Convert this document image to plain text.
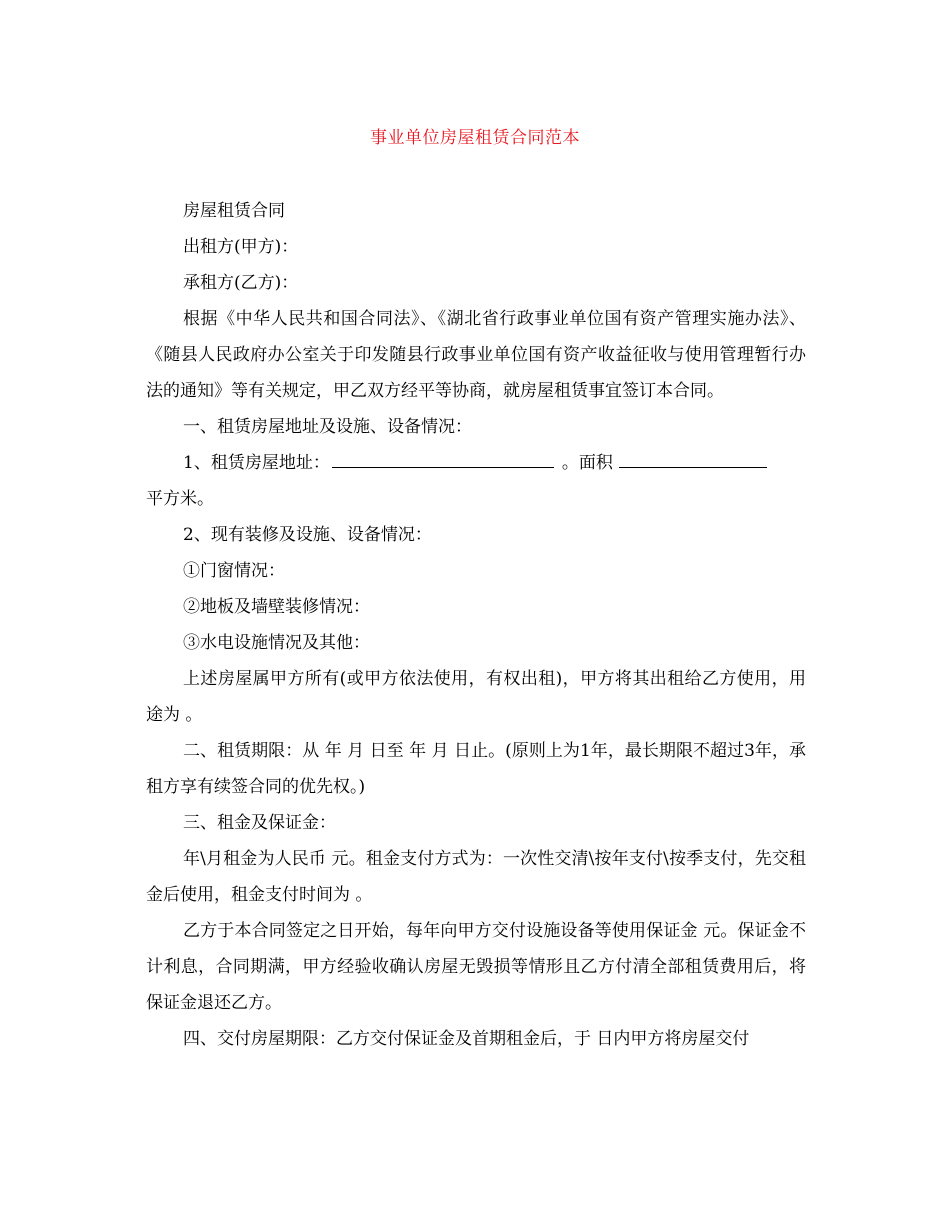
事业单位房屋租赁合同范本

房屋租赁合同

出租方(甲方)：

承租方(乙方)：

根据《中华人民共和国合同法》、《湖北省行政事业单位国有资产管理实施办法》、《随县人民政府办公室关于印发随县行政事业单位国有资产收益征收与使用管理暂行办法的通知》等有关规定，甲乙双方经平等协商，就房屋租赁事宜签订本合同。

一、租赁房屋地址及设施、设备情况：

1、租赁房屋地址：	。面积
平方米。

2、现有装修及设施、设备情况：

①门窗情况：

②地板及墙壁装修情况：

③水电设施情况及其他：

上述房屋属甲方所有(或甲方依法使用，有权出租)，甲方将其出租给乙方使用，用途为 。

二、租赁期限：从 年 月 日至 年 月 日止。(原则上为1年，最长期限不超过3年，承租方享有续签合同的优先权。)

三、租金及保证金：

年\月租金为人民币 元。租金支付方式为：一次性交清\按年支付\按季支付，先交租金后使用，租金支付时间为 。

乙方于本合同签定之日开始，每年向甲方交付设施设备等使用保证金 元。保证金不计利息，合同期满，甲方经验收确认房屋无毁损等情形且乙方付清全部租赁费用后，将保证金退还乙方。

四、交付房屋期限：乙方交付保证金及首期租金后，于 日内甲方将房屋交付
